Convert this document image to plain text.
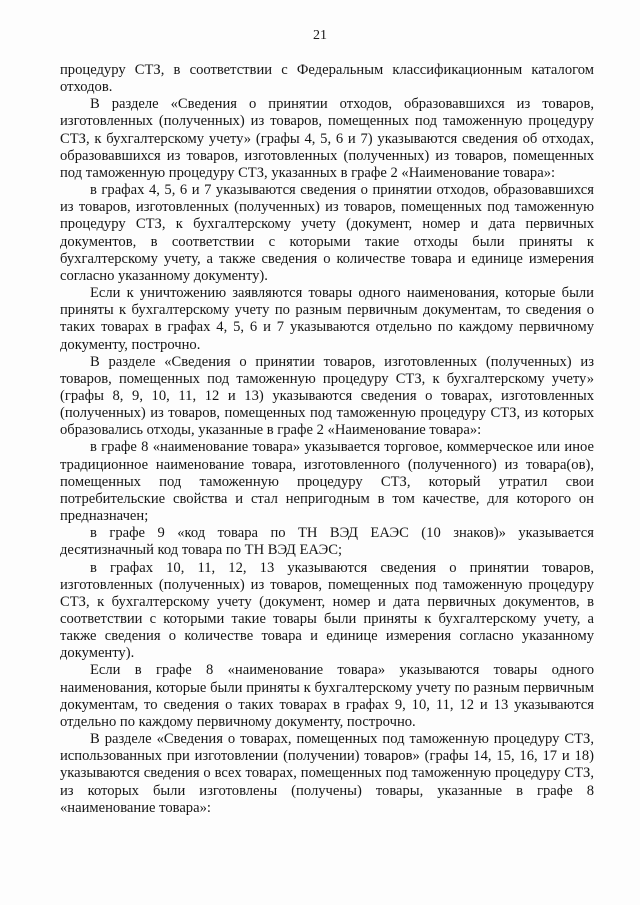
21

процедуру СТЗ, в соответствии с Федеральным классификационным каталогом отходов.

В разделе «Сведения о принятии отходов, образовавшихся из товаров, изготовленных (полученных) из товаров, помещенных под таможенную процедуру СТЗ, к бухгалтерскому учету» (графы 4, 5, 6 и 7) указываются сведения об отходах, образовавшихся из товаров, изготовленных (полученных) из товаров, помещенных под таможенную процедуру СТЗ, указанных в графе 2 «Наименование товара»:

в графах 4, 5, 6 и 7 указываются сведения о принятии отходов, образовавшихся из товаров, изготовленных (полученных) из товаров, помещенных под таможенную процедуру СТЗ, к бухгалтерскому учету (документ, номер и дата первичных документов, в соответствии с которыми такие отходы были приняты к бухгалтерскому учету, а также сведения о количестве товара и единице измерения согласно указанному документу).

Если к уничтожению заявляются товары одного наименования, которые были приняты к бухгалтерскому учету по разным первичным документам, то сведения о таких товарах в графах 4, 5, 6 и 7 указываются отдельно по каждому первичному документу, построчно.

В разделе «Сведения о принятии товаров, изготовленных (полученных) из товаров, помещенных под таможенную процедуру СТЗ, к бухгалтерскому учету» (графы 8, 9, 10, 11, 12 и 13) указываются сведения о товарах, изготовленных (полученных) из товаров, помещенных под таможенную процедуру СТЗ, из которых образовались отходы, указанные в графе 2 «Наименование товара»:

в графе 8 «наименование товара» указывается торговое, коммерческое или иное традиционное наименование товара, изготовленного (полученного) из товара(ов), помещенных под таможенную процедуру СТЗ, который утратил свои потребительские свойства и стал непригодным в том качестве, для которого он предназначен;

в графе 9 «код товара по ТН ВЭД ЕАЭС (10 знаков)» указывается десятизначный код товара по ТН ВЭД ЕАЭС;

в графах 10, 11, 12, 13 указываются сведения о принятии товаров, изготовленных (полученных) из товаров, помещенных под таможенную процедуру СТЗ, к бухгалтерскому учету (документ, номер и дата первичных документов, в соответствии с которыми такие товары были приняты к бухгалтерскому учету, а также сведения о количестве товара и единице измерения согласно указанному документу).

Если в графе 8 «наименование товара» указываются товары одного наименования, которые были приняты к бухгалтерскому учету по разным первичным документам, то сведения о таких товарах в графах 9, 10, 11, 12 и 13 указываются отдельно по каждому первичному документу, построчно.

В разделе «Сведения о товарах, помещенных под таможенную процедуру СТЗ, использованных при изготовлении (получении) товаров» (графы 14, 15, 16, 17 и 18) указываются сведения о всех товарах, помещенных под таможенную процедуру СТЗ, из которых были изготовлены (получены) товары, указанные в графе 8 «наименование товара»:
